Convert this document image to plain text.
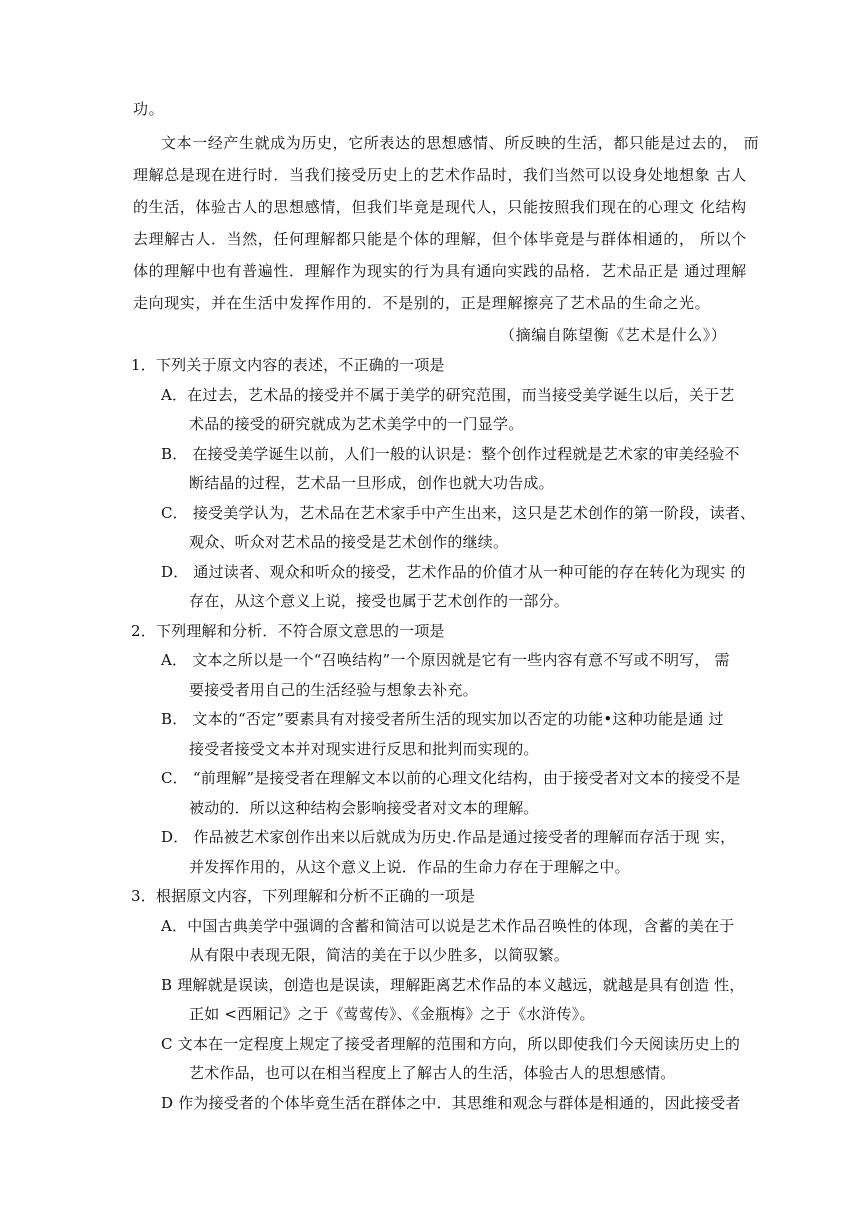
功。
文本一经产生就成为历史，它所表达的思想感情、所反映的生活，都只能是过去的， 而
理解总是现在进行时．当我们接受历史上的艺术作品时，我们当然可以设身处地想象 古人
的生活，体验古人的思想感情，但我们毕竟是现代人，只能按照我们现在的心理文 化结构
去理解古人．当然，任何理解都只能是个体的理解，但个体毕竟是与群体相通的， 所以个
体的理解中也有普遍性．理解作为现实的行为具有通向实践的品格．艺术品正是 通过理解
走向现实，并在生活中发挥作用的．不是别的，正是理解擦亮了艺术品的生命之光。
（摘编自陈望衡《艺术是什么》）
1．下列关于原文内容的表述，不正确的一项是
A．在过去，艺术品的接受并不属于美学的研究范围，而当接受美学诞生以后，关于艺
术品的接受的研究就成为艺术美学中的一门显学。
B． 在接受美学诞生以前，人们一般的认识是：整个创作过程就是艺术家的审美经验不
断结晶的过程，艺术品一旦形成，创作也就大功告成。
C． 接受美学认为，艺术品在艺术家手中产生出来，这只是艺术创作的第一阶段，读者、
观众、听众对艺术品的接受是艺术创作的继续。
D． 通过读者、观众和听众的接受，艺术作品的价值才从一种可能的存在转化为现实 的
存在，从这个意义上说，接受也属于艺术创作的一部分。
2．下列理解和分析．不符合原文意思的一项是
A． 文本之所以是一个“召唤结构”一个原因就是它有一些内容有意不写或不明写， 需
要接受者用自己的生活经验与想象去补充。
B． 文本的“否定”要素具有对接受者所生活的现实加以否定的功能•这种功能是通 过
接受者接受文本并对现实进行反思和批判而实现的。
C． “前理解”是接受者在理解文本以前的心理文化结构，由于接受者对文本的接受不是
被动的．所以这种结构会影响接受者对文本的理解。
D． 作品被艺术家创作出来以后就成为历史.作品是通过接受者的理解而存活于现 实，
并发挥作用的，从这个意义上说．作品的生命力存在于理解之中。
3．根据原文内容，下列理解和分析不正确的一项是
A．中国古典美学中强调的含蓄和简洁可以说是艺术作品召唤性的体现，含蓄的美在于
从有限中表现无限，简洁的美在于以少胜多，以简驭繁。
B 理解就是误读，创造也是误读，理解距离艺术作品的本义越远，就越是具有创造 性，
正如 <西厢记》之于《莺莺传》、《金瓶梅》之于《水浒传》。
C 文本在一定程度上规定了接受者理解的范围和方向，所以即使我们今天阅读历史上的
艺术作品，也可以在相当程度上了解古人的生活，体验古人的思想感情。
D 作为接受者的个体毕竟生活在群体之中．其思维和观念与群体是相通的，因此接受者
